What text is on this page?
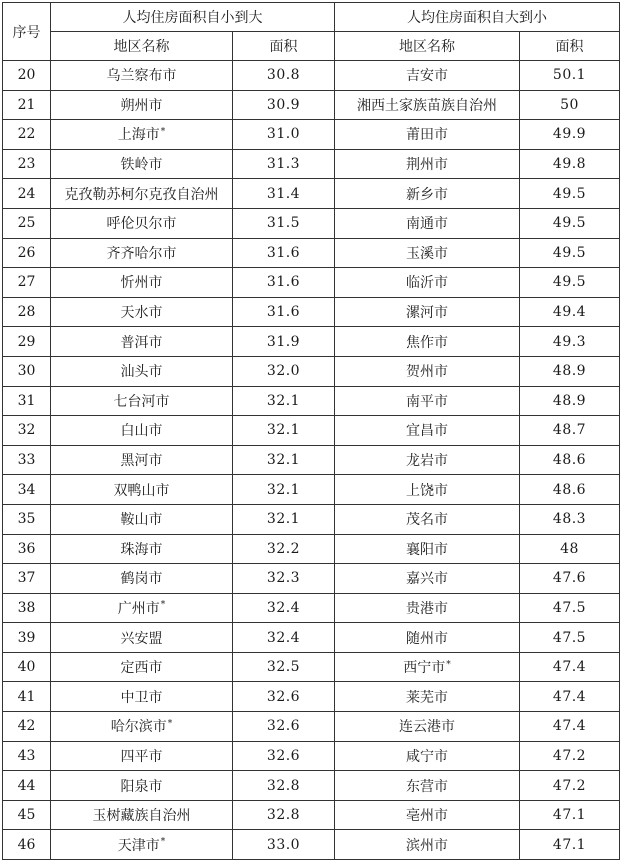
序号	人均住房面积自小到大		人均住房面积自大到小	
	地区名称	面积	地区名称	面积
20	乌兰察布市	30.8	吉安市	50.1
21	朔州市	30.9	湘西土家族苗族自治州	50
22	上海市*	31.0	莆田市	49.9
23	铁岭市	31.3	荆州市	49.8
24	克孜勒苏柯尔克孜自治州	31.4	新乡市	49.5
25	呼伦贝尔市	31.5	南通市	49.5
26	齐齐哈尔市	31.6	玉溪市	49.5
27	忻州市	31.6	临沂市	49.5
28	天水市	31.6	漯河市	49.4
29	普洱市	31.9	焦作市	49.3
30	汕头市	32.0	贺州市	48.9
31	七台河市	32.1	南平市	48.9
32	白山市	32.1	宜昌市	48.7
33	黑河市	32.1	龙岩市	48.6
34	双鸭山市	32.1	上饶市	48.6
35	鞍山市	32.1	茂名市	48.3
36	珠海市	32.2	襄阳市	48
37	鹤岗市	32.3	嘉兴市	47.6
38	广州市*	32.4	贵港市	47.5
39	兴安盟	32.4	随州市	47.5
40	定西市	32.5	西宁市*	47.4
41	中卫市	32.6	莱芜市	47.4
42	哈尔滨市*	32.6	连云港市	47.4
43	四平市	32.6	咸宁市	47.2
44	阳泉市	32.8	东营市	47.2
45	玉树藏族自治州	32.8	亳州市	47.1
46	天津市*	33.0	滨州市	47.1
